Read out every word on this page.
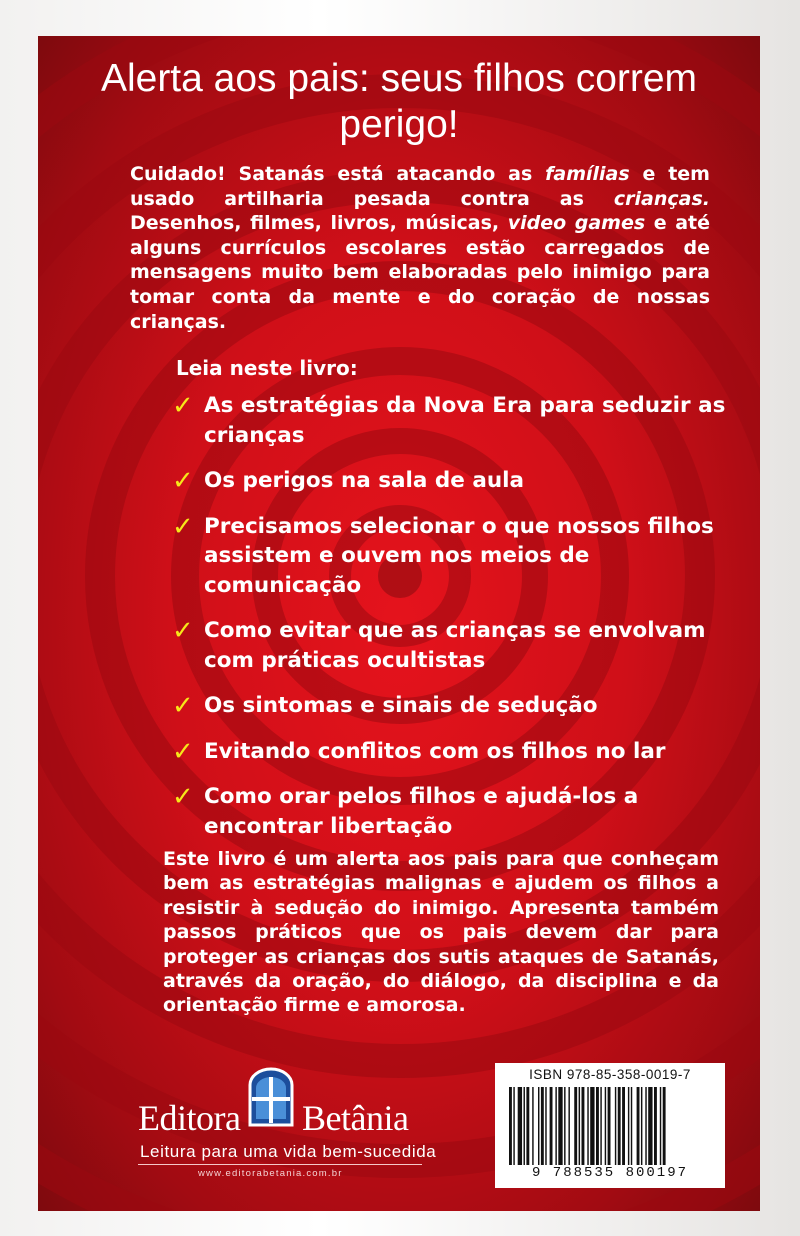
Alerta aos pais: seus filhos correm perigo!
Cuidado! Satanás está atacando as famílias e tem usado artilharia pesada contra as crianças. Desenhos, filmes, livros, músicas, video games e até alguns currículos escolares estão carregados de mensagens muito bem elaboradas pelo inimigo para tomar conta da mente e do coração de nossas crianças.
Leia neste livro:
✓ As estratégias da Nova Era para seduzir as crianças
✓ Os perigos na sala de aula
✓ Precisamos selecionar o que nossos filhos assistem e ouvem nos meios de comunicação
✓ Como evitar que as crianças se envolvam com práticas ocultistas
✓ Os sintomas e sinais de sedução
✓ Evitando conflitos com os filhos no lar
✓ Como orar pelos filhos e ajudá-los a encontrar libertação
Este livro é um alerta aos pais para que conheçam bem as estratégias malignas e ajudem os filhos a resistir à sedução do inimigo. Apresenta também passos práticos que os pais devem dar para proteger as crianças dos sutis ataques de Satanás, através da oração, do diálogo, da disciplina e da orientação firme e amorosa.
Editora Betânia
Leitura para uma vida bem-sucedida
www.editorabetania.com.br
ISBN 978-85-358-0019-7
9 788535 800197
